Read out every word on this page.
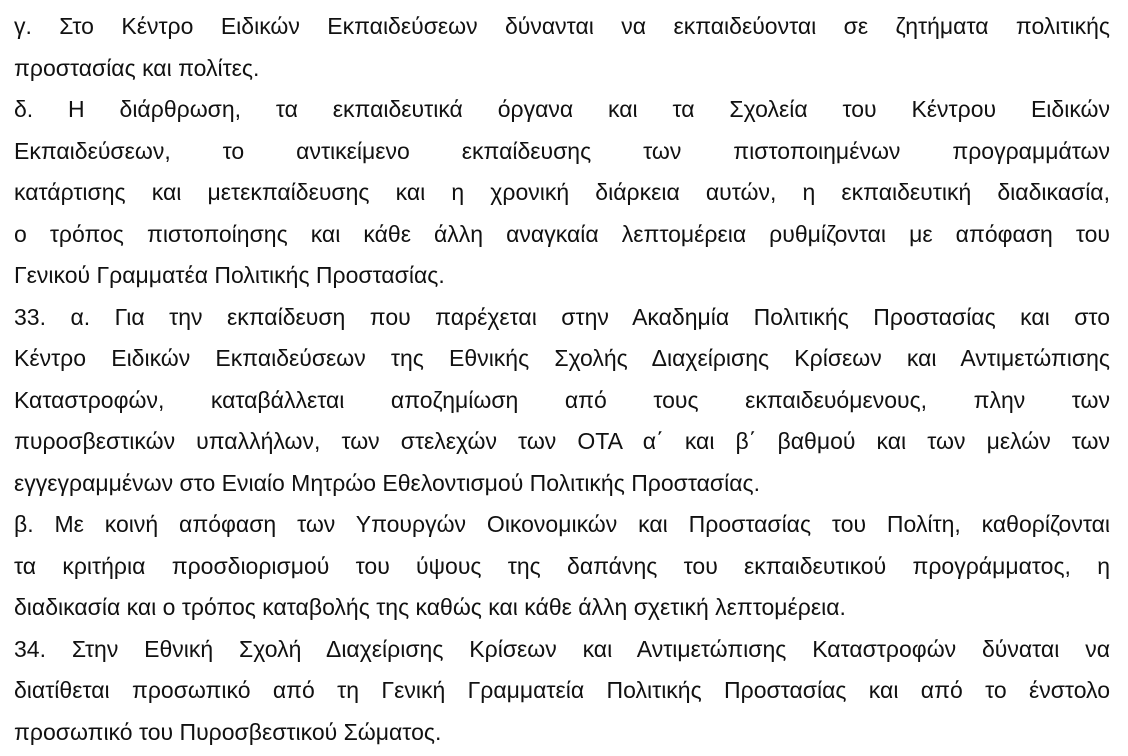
γ. Στο Κέντρο Ειδικών Εκπαιδεύσεων δύνανται να εκπαιδεύονται σε ζητήματα πολιτικής
προστασίας και πολίτες.
δ. Η διάρθρωση, τα εκπαιδευτικά όργανα και τα Σχολεία του Κέντρου Ειδικών
Εκπαιδεύσεων, το αντικείμενο εκπαίδευσης των πιστοποιημένων προγραμμάτων
κατάρτισης και μετεκπαίδευσης και η χρονική διάρκεια αυτών, η εκπαιδευτική διαδικασία,
ο τρόπος πιστοποίησης και κάθε άλλη αναγκαία λεπτομέρεια ρυθμίζονται με απόφαση του
Γενικού Γραμματέα Πολιτικής Προστασίας.
33. α. Για την εκπαίδευση που παρέχεται στην Ακαδημία Πολιτικής Προστασίας και στο
Κέντρο Ειδικών Εκπαιδεύσεων της Εθνικής Σχολής Διαχείρισης Κρίσεων και Αντιμετώπισης
Καταστροφών, καταβάλλεται αποζημίωση από τους εκπαιδευόμενους, πλην των
πυροσβεστικών υπαλλήλων, των στελεχών των ΟΤΑ α΄ και β΄ βαθμού και των μελών των
εγγεγραμμένων στο Ενιαίο Μητρώο Εθελοντισμού Πολιτικής Προστασίας.
β. Με κοινή απόφαση των Υπουργών Οικονομικών και Προστασίας του Πολίτη, καθορίζονται
τα κριτήρια προσδιορισμού του ύψους της δαπάνης του εκπαιδευτικού προγράμματος, η
διαδικασία και ο τρόπος καταβολής της καθώς και κάθε άλλη σχετική λεπτομέρεια.
34. Στην Εθνική Σχολή Διαχείρισης Κρίσεων και Αντιμετώπισης Καταστροφών δύναται να
διατίθεται προσωπικό από τη Γενική Γραμματεία Πολιτικής Προστασίας και από το ένστολο
προσωπικό του Πυροσβεστικού Σώματος.
